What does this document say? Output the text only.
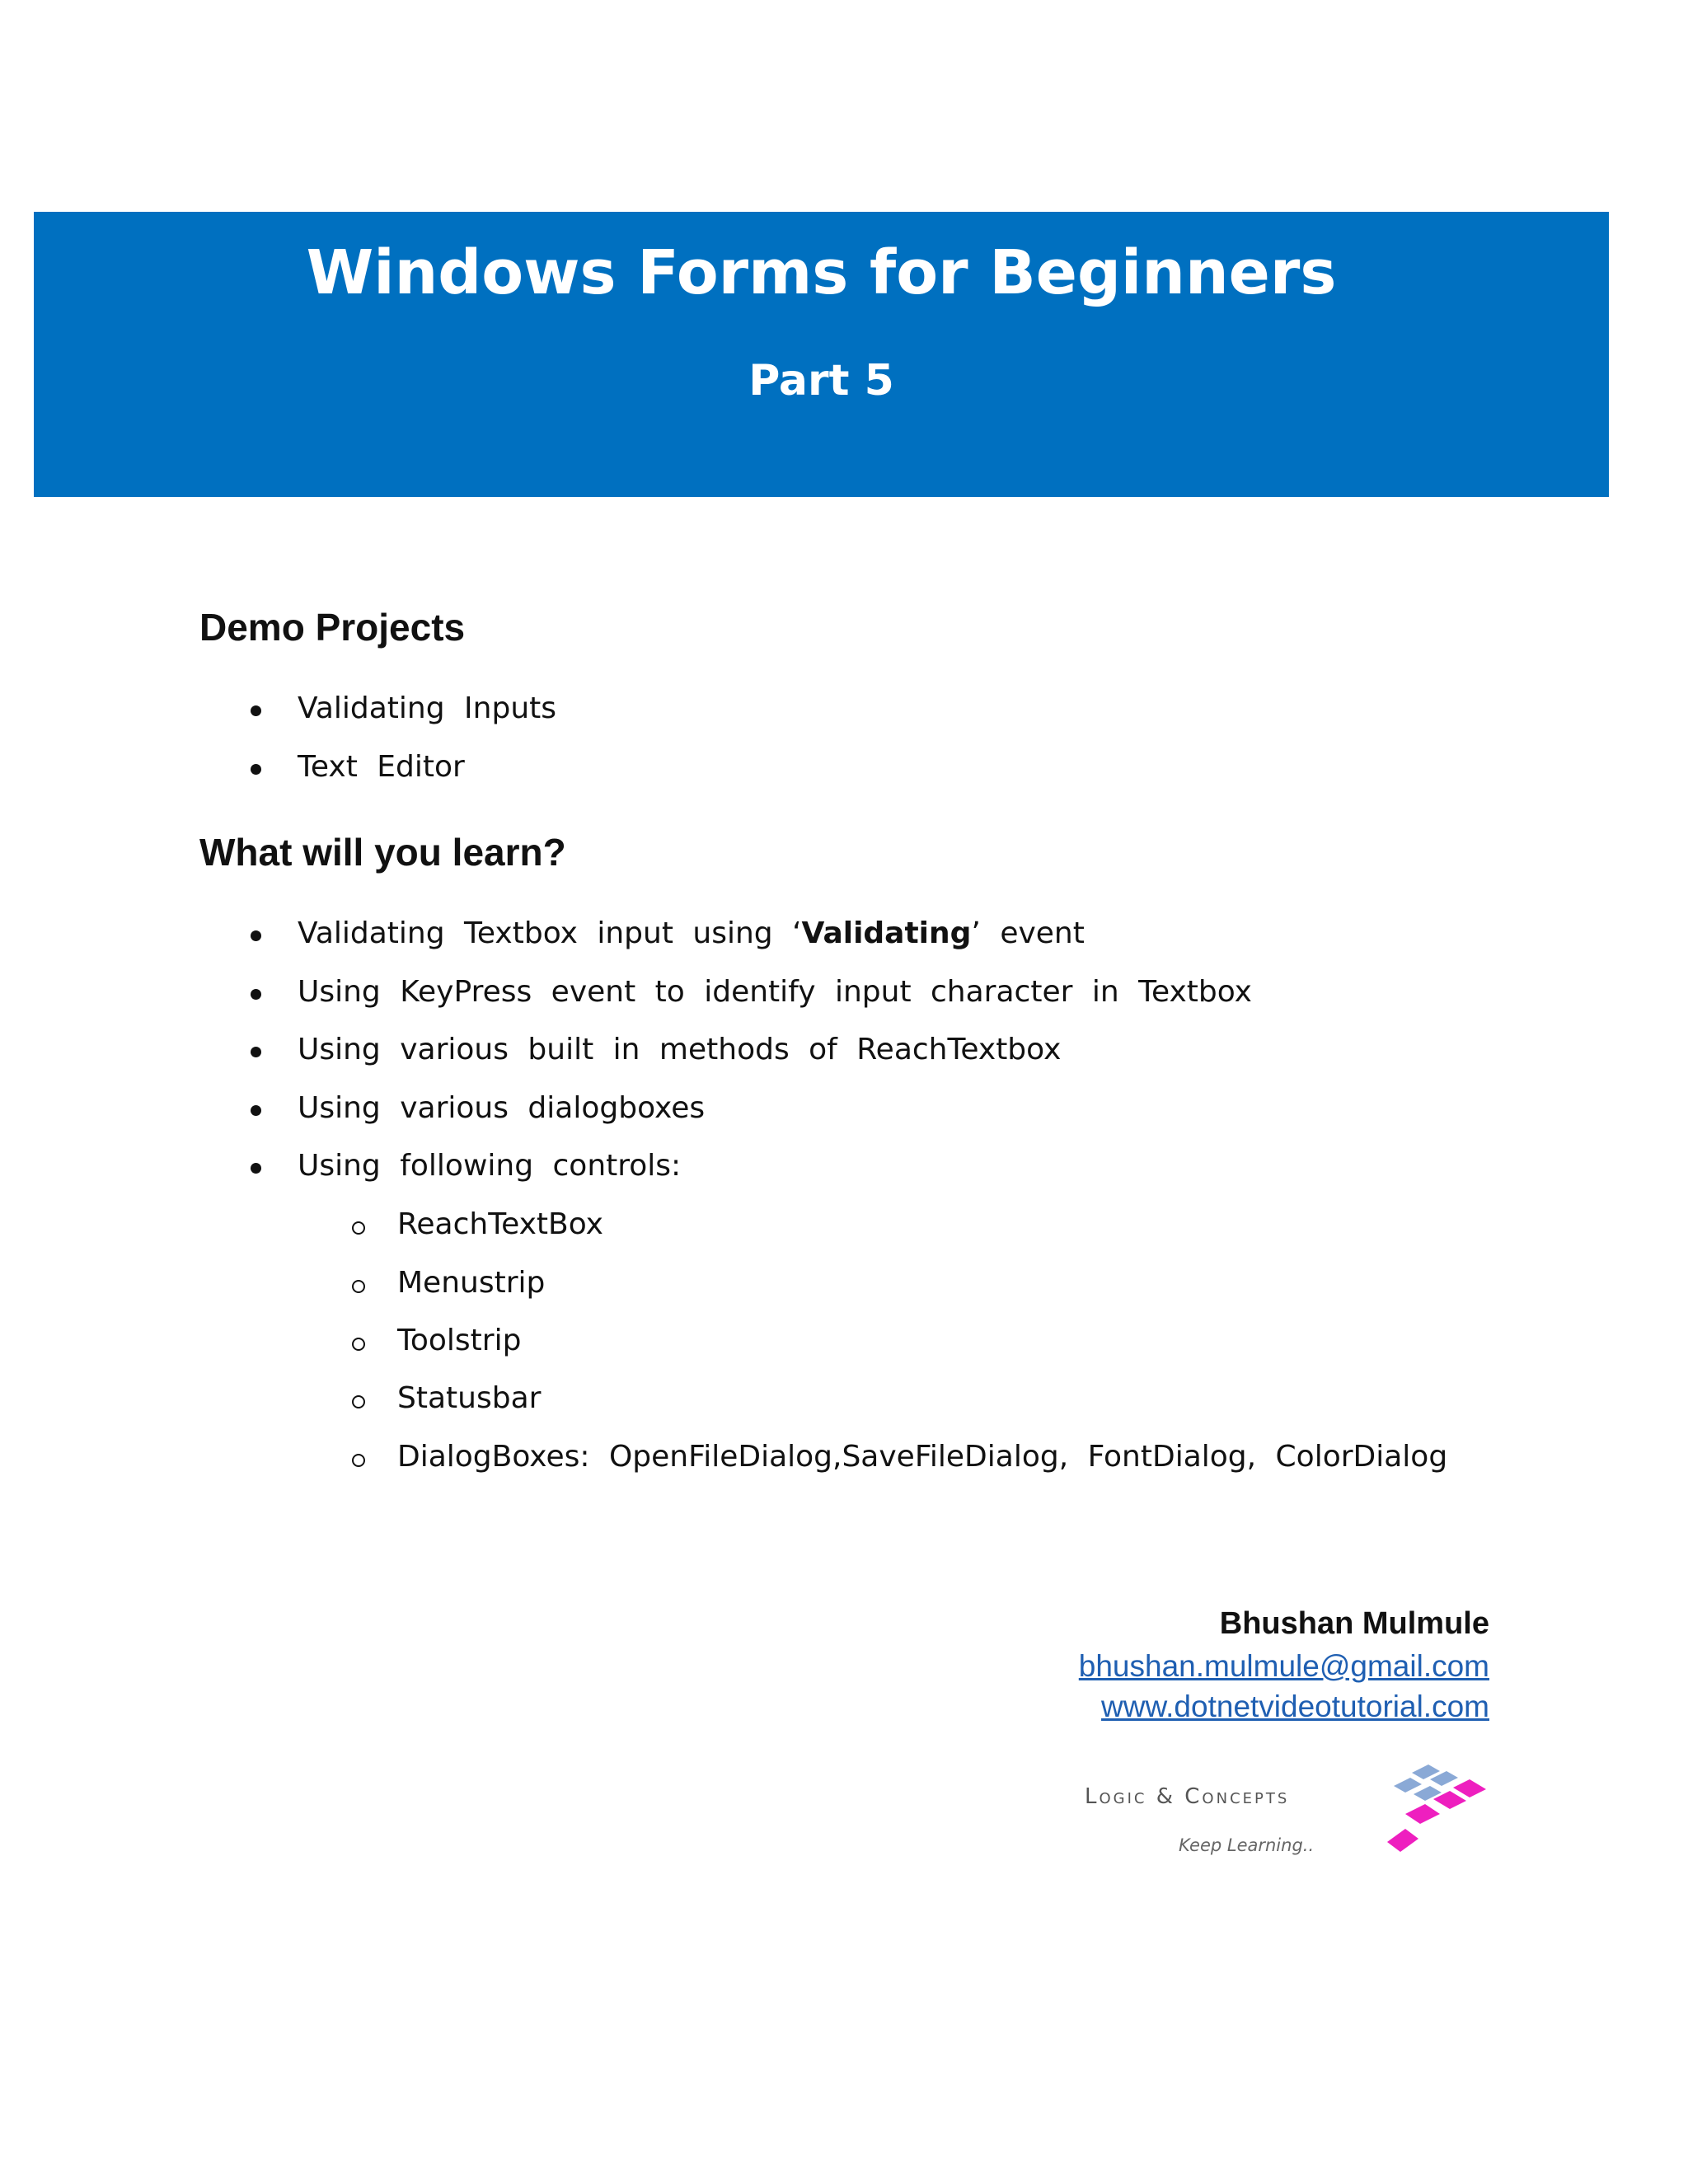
Windows Forms for Beginners
Part 5
Demo Projects
Validating Inputs
Text Editor
What will you learn?
Validating Textbox input using ‘Validating’ event
Using KeyPress event to identify input character in Textbox
Using various built in methods of ReachTextbox
Using various dialogboxes
Using following controls:
ReachTextBox
Menustrip
Toolstrip
Statusbar
DialogBoxes: OpenFileDialog,SaveFileDialog, FontDialog, ColorDialog
Bhushan Mulmule
bhushan.mulmule@gmail.com
www.dotnetvideotutorial.com
Logic & Concepts
Keep Learning..
